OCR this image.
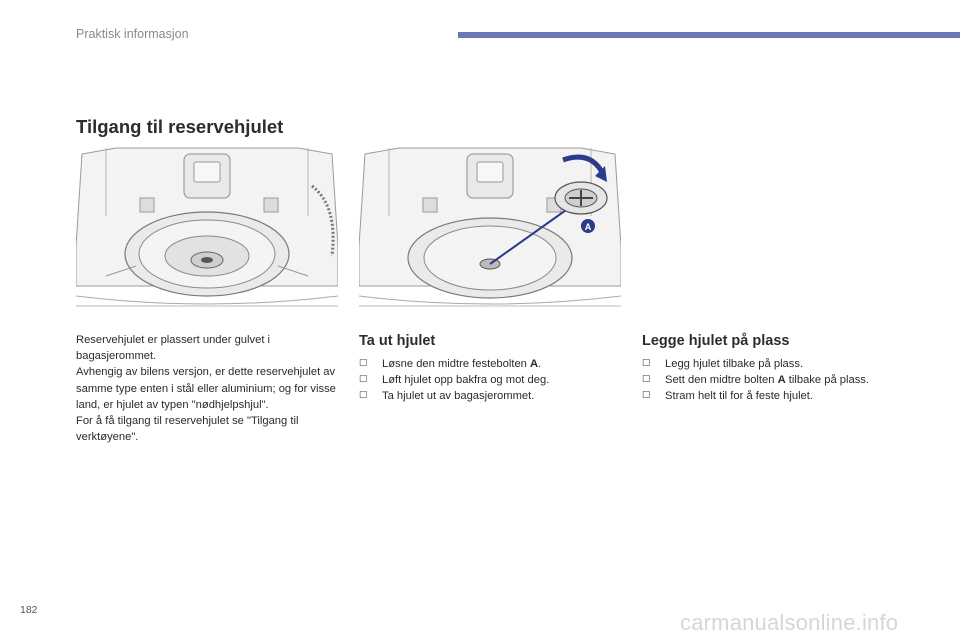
Praktisk informasjon
Tilgang til reservehjulet
A

Reservehjulet er plassert under gulvet i bagasjerommet.

Avhengig av bilens versjon, er dette reservehjulet av samme type enten i stål eller aluminium; og for visse land, er hjulet av typen "nødhjelpshjul".

For å få tilgang til reservehjulet se "Tilgang til verktøyene".

Ta ut hjulet
☐ Løsne den midtre festebolten A.
☐ Løft hjulet opp bakfra og mot deg.
☐ Ta hjulet ut av bagasjerommet.
Legge hjulet på plass
☐ Legg hjulet tilbake på plass.
☐ Sett den midtre bolten A tilbake på plass.
☐ Stram helt til for å feste hjulet.
182	carmanualsonline.info
